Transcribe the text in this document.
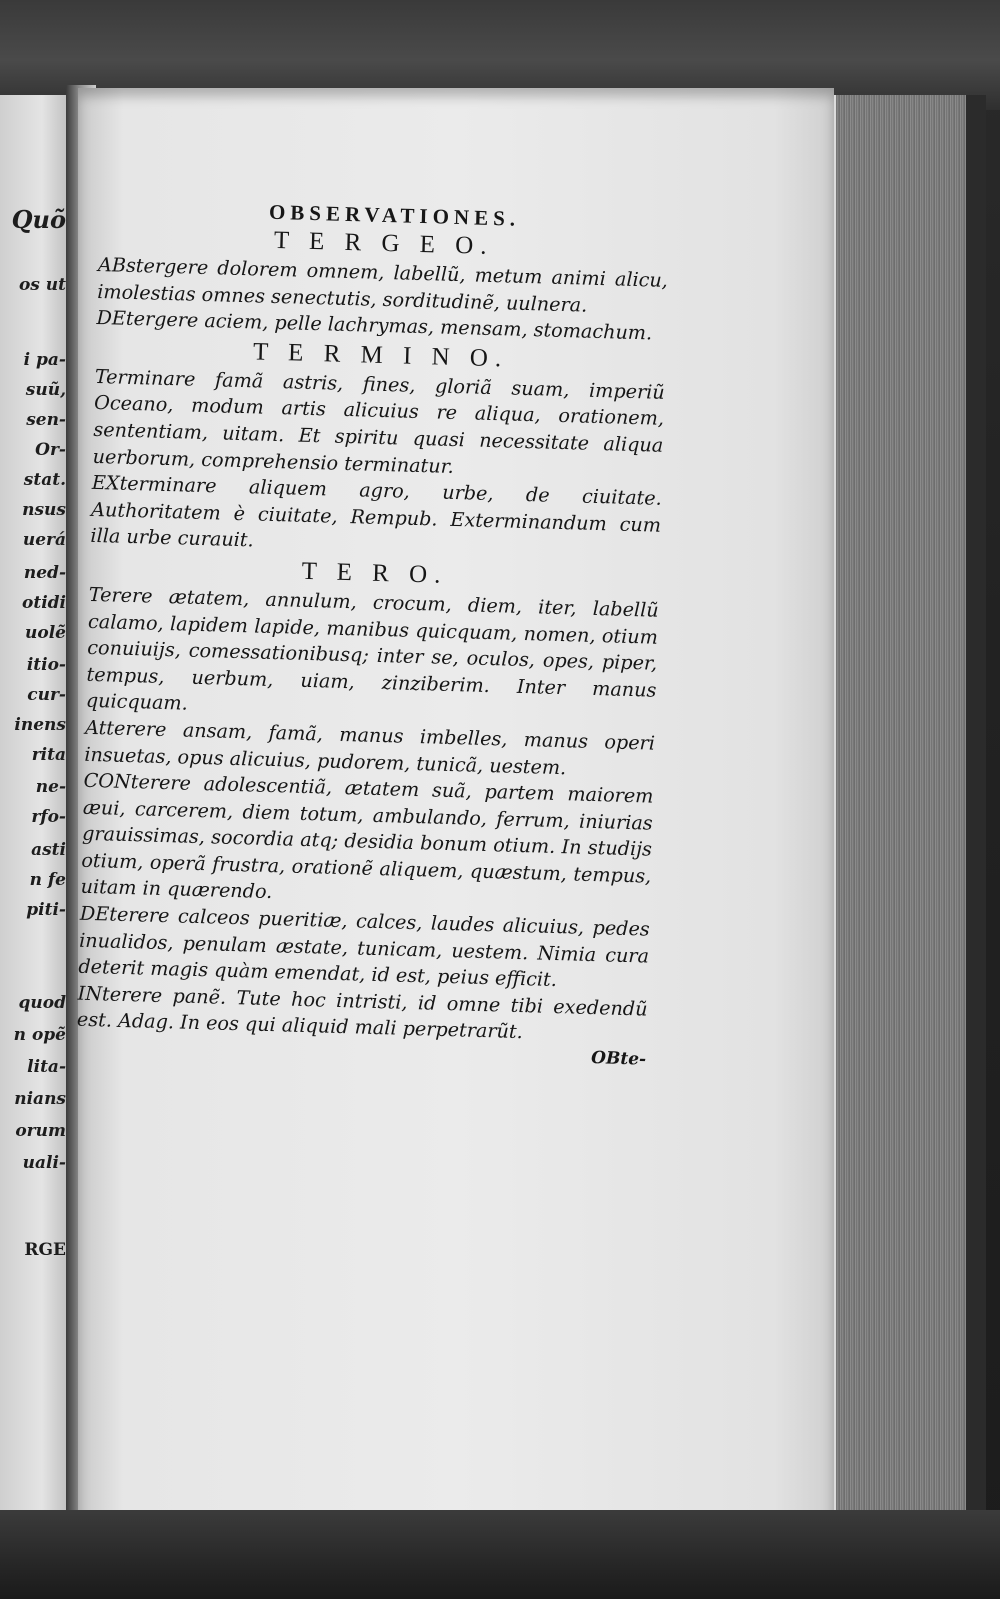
Quõ
os ut
i pa-
suũ,
sen-
Or-
stat.
nsus
uerá
ned-
otidi
uolẽ
itio-
cur-
inens
rita
ne-
rfo-
asti
n fe
piti-
quod
n opẽ
lita-
nians
orum
uali-
RGE
OBSERVATIONES.
T E R G E O.

ABstergere dolorem omnem, labellũ, metum animi alicu, imolestias omnes senectutis, sorditudinẽ, uulnera.

DEtergere aciem, pelle lachrymas, mensam, stomachum.

T E R M I N O.

Terminare famã astris, fines, gloriã suam, imperiũ Oceano, modum artis alicuius re aliqua, orationem, sententiam, uitam. Et spiritu quasi necessitate aliqua uerborum, comprehensio terminatur.

EXterminare aliquem agro, urbe, de ciuitate. Authoritatem è ciuitate, Rempub. Exterminandum cum illa urbe curauit.

T E R O.

Terere ætatem, annulum, crocum, diem, iter, labellũ calamo, lapidem lapide, manibus quicquam, nomen, otium conuiuijs, comessationibusq; inter se, oculos, opes, piper, tempus, uerbum, uiam, zinziberim. Inter manus quicquam.

Atterere ansam, famã, manus imbelles, manus operi insuetas, opus alicuius, pudorem, tunicã, uestem.

CONterere adolescentiã, ætatem suã, partem maiorem æui, carcerem, diem totum, ambulando, ferrum, iniurias grauissimas, socordia atq; desidia bonum otium. In studijs otium, operã frustra, orationẽ aliquem, quæstum, tempus, uitam in quærendo.

DEterere calceos pueritiæ, calces, laudes alicuius, pedes inualidos, penulam æstate, tunicam, uestem. Nimia cura deterit magis quàm emendat, id est, peius efficit.

INterere panẽ. Tute hoc intristi, id omne tibi exedendũ est. Adag. In eos qui aliquid mali perpetrarũt.

OBte-
